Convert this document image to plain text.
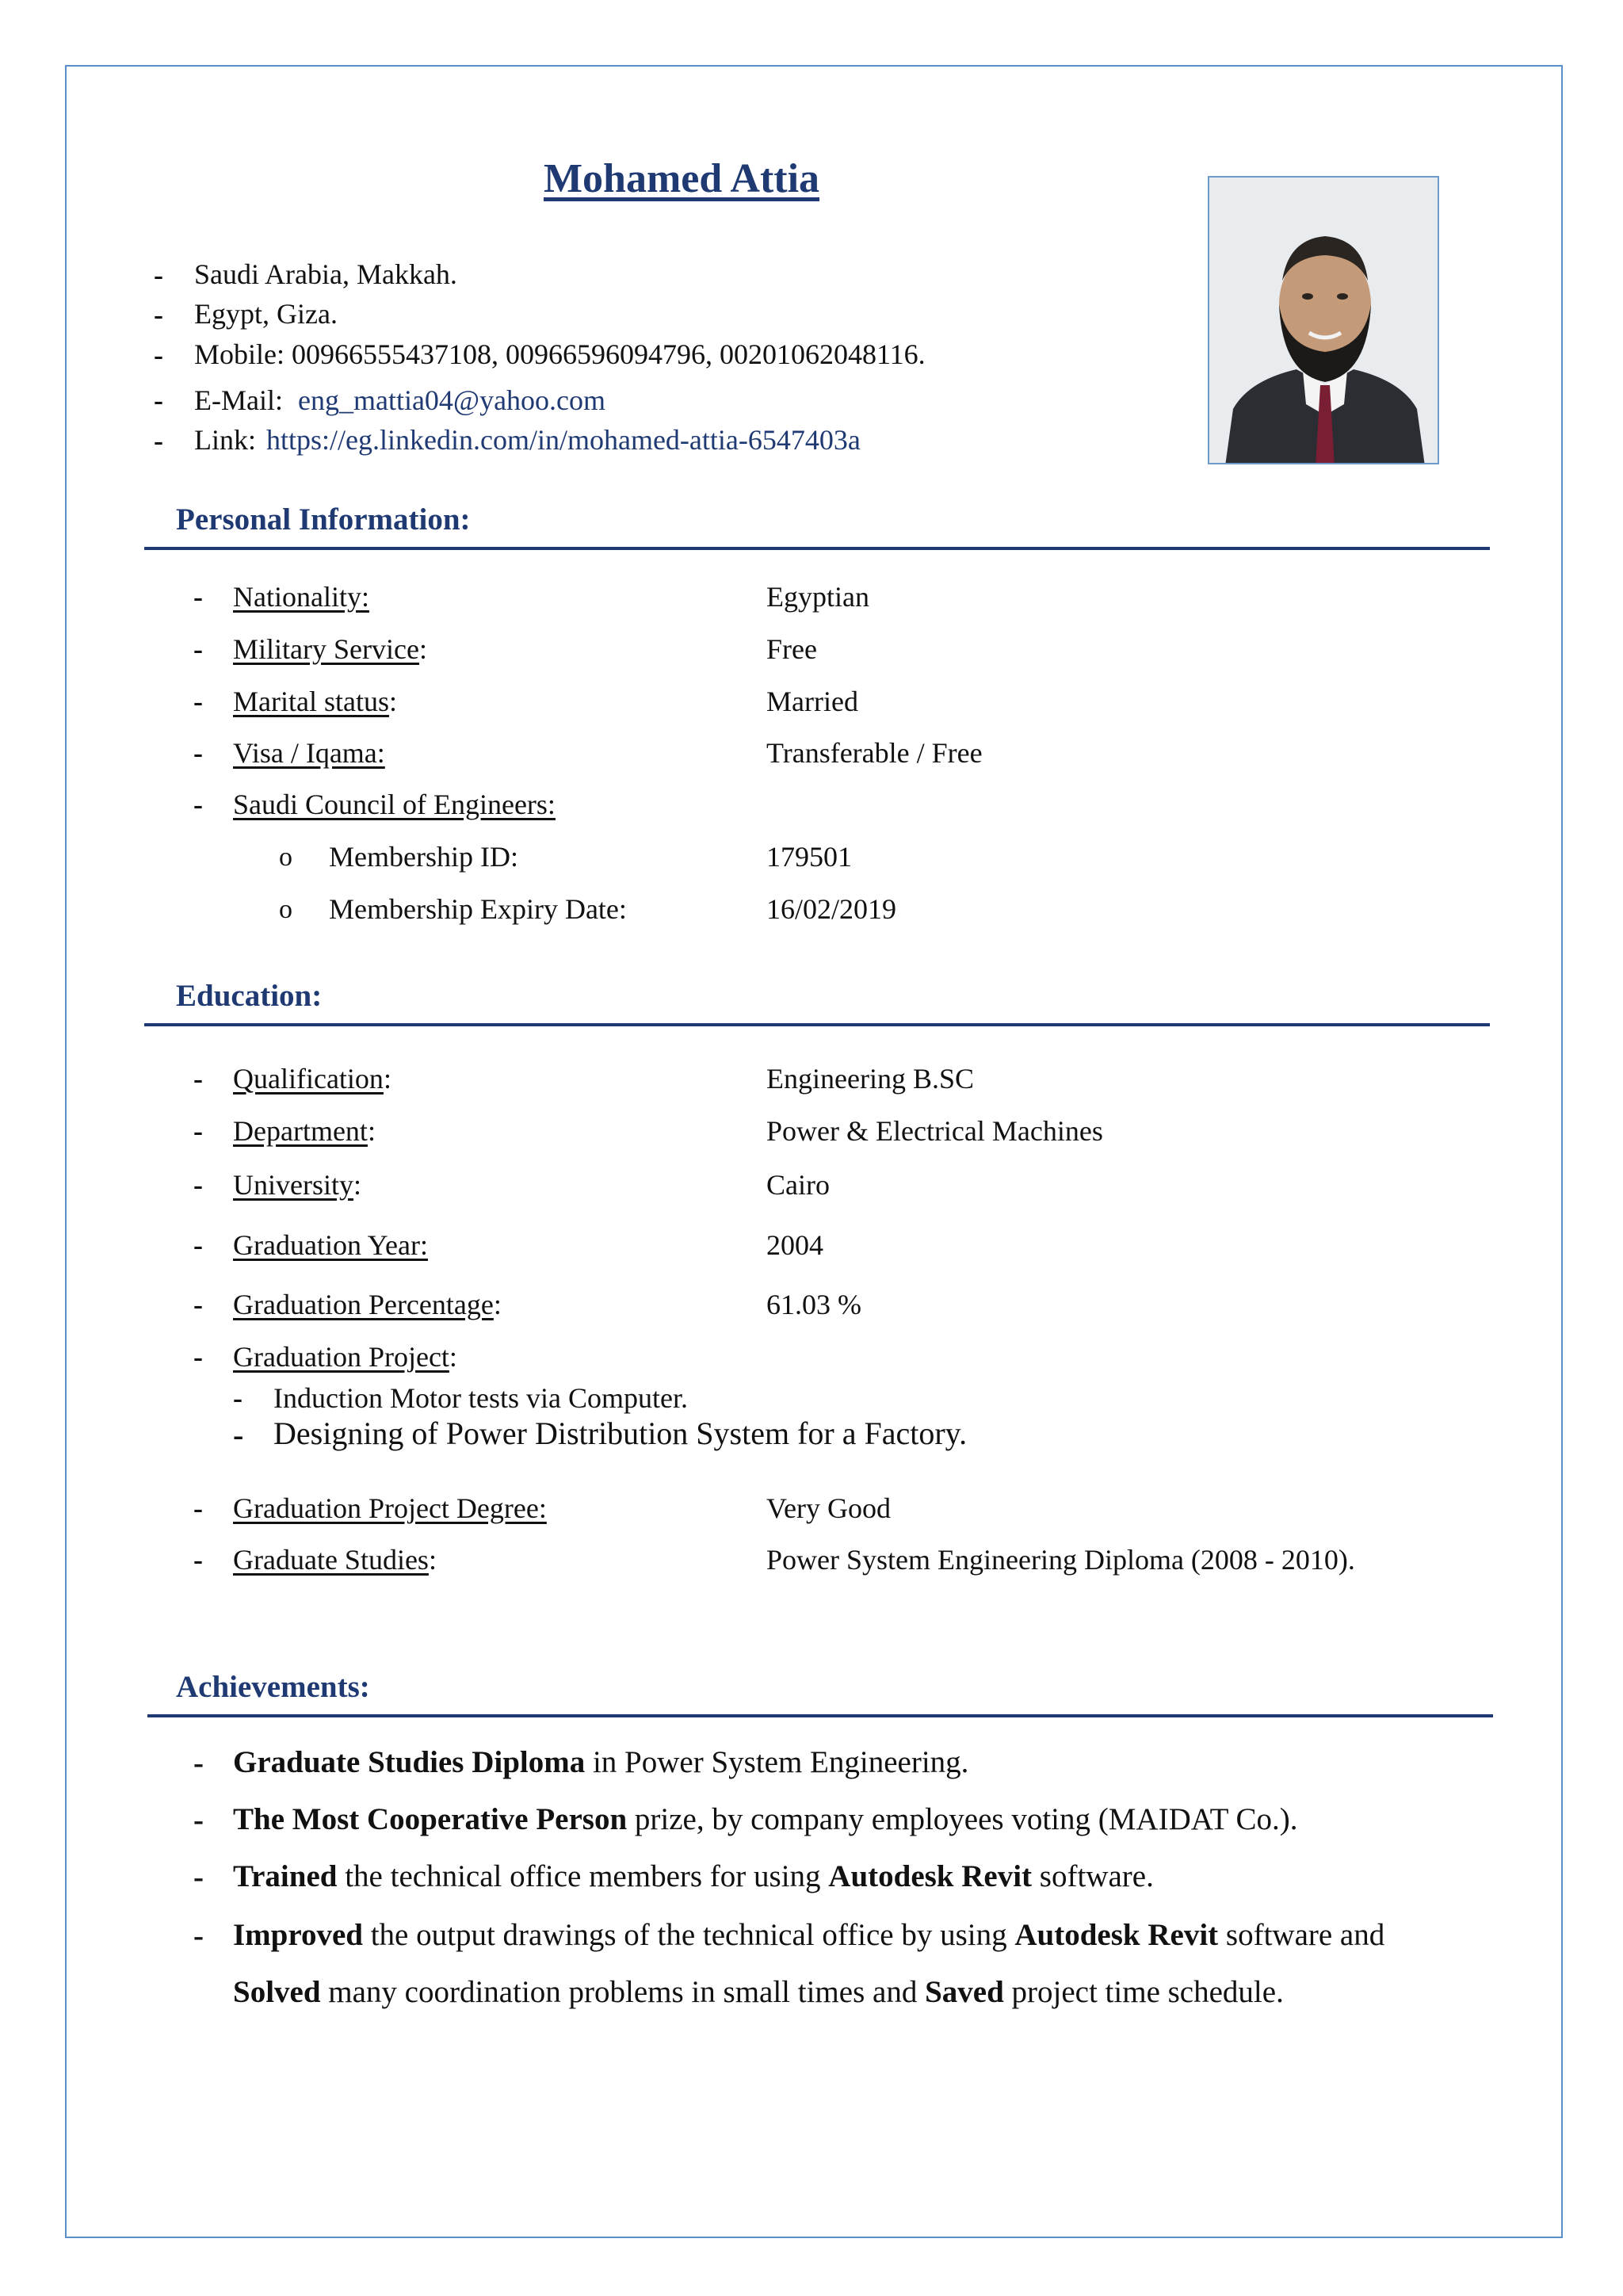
Mohamed Attia
- Saudi Arabia, Makkah.
- Egypt, Giza.
- Mobile: 00966555437108, 00966596094796, 00201062048116.
- E-Mail: eng_mattia04@yahoo.com
- Link: https://eg.linkedin.com/in/mohamed-attia-6547403a
Personal Information:
- Nationality:	Egyptian
- Military Service:	Free
- Marital status:	Married
- Visa / Iqama:	Transferable / Free
- Saudi Council of Engineers:
o Membership ID:	179501
o Membership Expiry Date:	16/02/2019
Education:
- Qualification:	Engineering B.SC
- Department:	Power & Electrical Machines
- University:	Cairo
- Graduation Year:	2004
- Graduation Percentage:	61.03 %
- Graduation Project:
- Induction Motor tests via Computer.
- Designing of Power Distribution System for a Factory.
- Graduation Project Degree:	Very Good
- Graduate Studies:	Power System Engineering Diploma (2008 - 2010).
Achievements:
- Graduate Studies Diploma in Power System Engineering.
- The Most Cooperative Person prize, by company employees voting (MAIDAT Co.).
- Trained the technical office members for using Autodesk Revit software.
- Improved the output drawings of the technical office by using Autodesk Revit software and
Solved many coordination problems in small times and Saved project time schedule.
